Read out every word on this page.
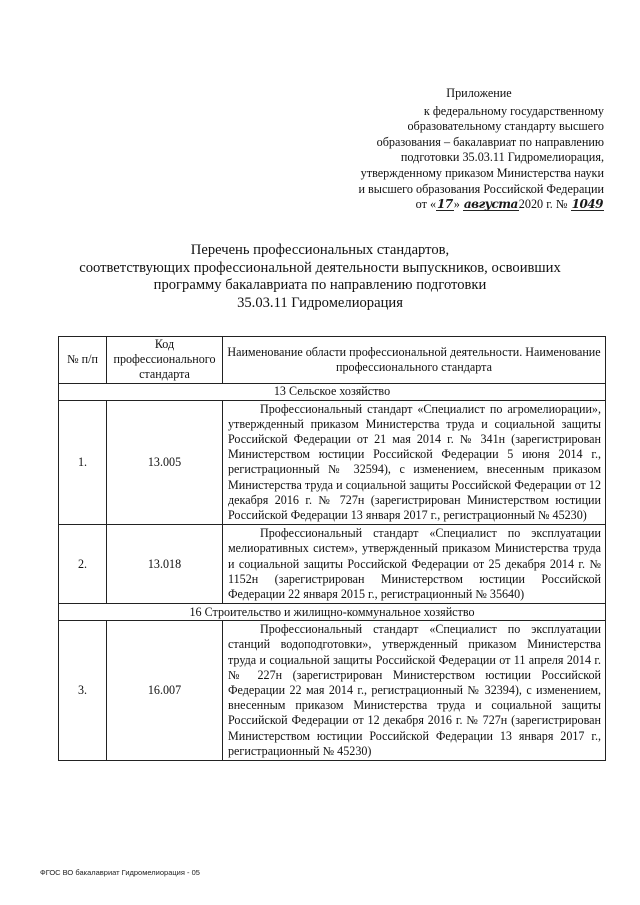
Приложение
к федеральному государственному
образовательному стандарту высшего
образования – бакалавриат по направлению
подготовки 35.03.11 Гидромелиорация,
утвержденному приказом Министерства науки
и высшего образования Российской Федерации
от «17» августа2020 г. № 1049
Перечень профессиональных стандартов,
соответствующих профессиональной деятельности выпускников, освоивших
программу бакалавриата по направлению подготовки
35.03.11 Гидромелиорация
№ п/п	Код профессионального стандарта	Наименование области профессиональной деятельности. Наименование профессионального стандарта
13 Сельское хозяйство		
1.	13.005	Профессиональный стандарт «Специалист по агромелиорации», утвержденный приказом Министерства труда и социальной защиты Российской Федерации от 21 мая 2014 г. № 341н (зарегистрирован Министерством юстиции Российской Федерации 5 июня 2014 г., регистрационный № 32594), с изменением, внесенным приказом Министерства труда и социальной защиты Российской Федерации от 12 декабря 2016 г. № 727н (зарегистрирован Министерством юстиции Российской Федерации 13 января 2017 г., регистрационный № 45230)

2.	13.018	Профессиональный стандарт «Специалист по эксплуатации мелиоративных систем», утвержденный приказом Министерства труда и социальной защиты Российской Федерации от 25 декабря 2014 г. № 1152н (зарегистрирован Министерством юстиции Российской Федерации 22 января 2015 г., регистрационный № 35640)

16 Строительство и жилищно-коммунальное хозяйство		
3.	16.007	Профессиональный стандарт «Специалист по эксплуатации станций водоподготовки», утвержденный приказом Министерства труда и социальной защиты Российской Федерации от 11 апреля 2014 г. № 227н (зарегистрирован Министерством юстиции Российской Федерации 22 мая 2014 г., регистрационный № 32394), с изменением, внесенным приказом Министерства труда и социальной защиты Российской Федерации от 12 декабря 2016 г. № 727н (зарегистрирован Министерством юстиции Российской Федерации 13 января 2017 г., регистрационный № 45230)

ФГОС ВО бакалавриат Гидромелиорация - 05
